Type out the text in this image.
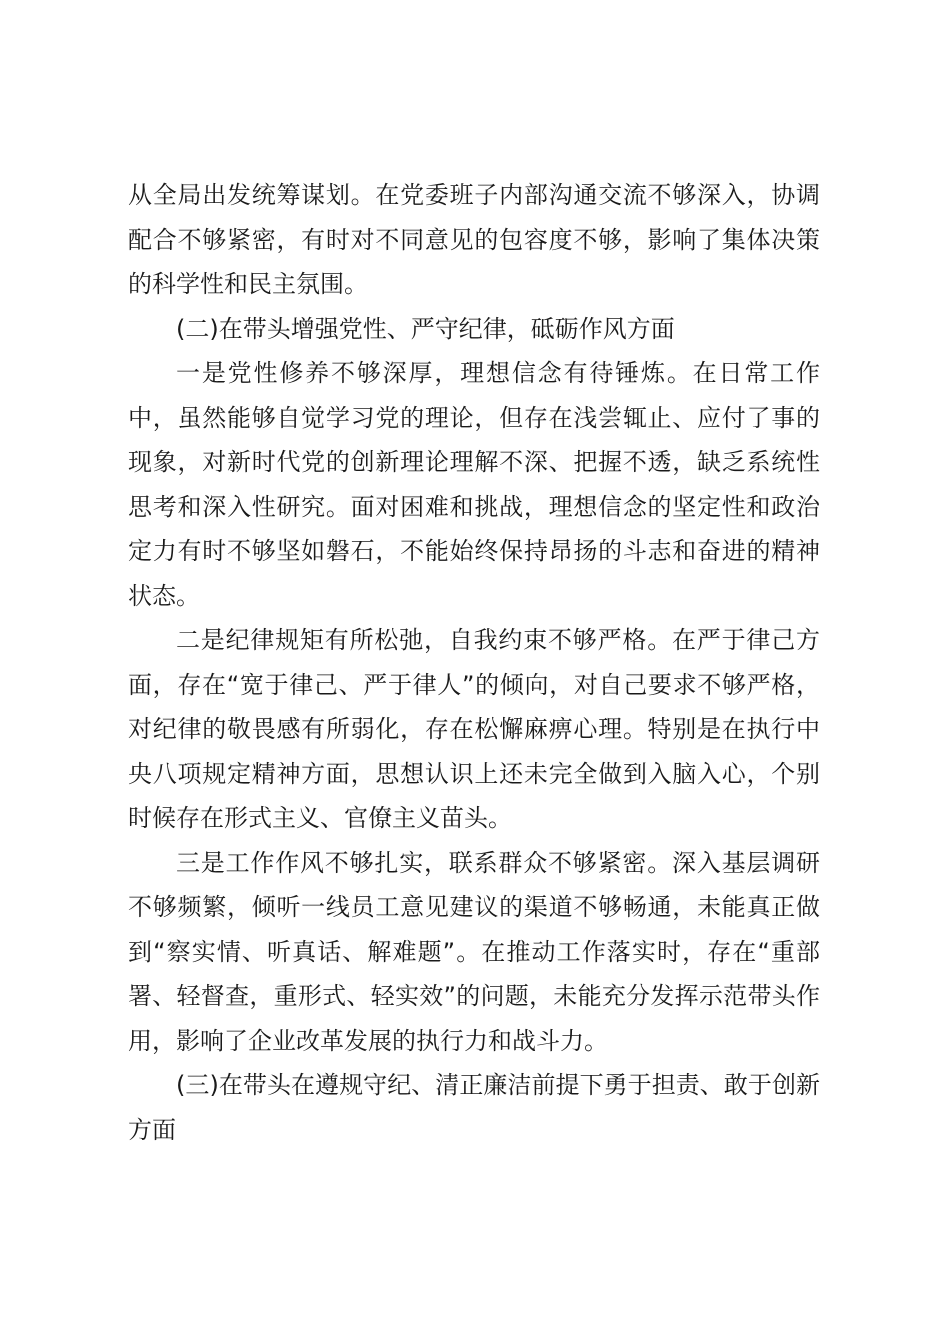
从全局出发统筹谋划。在党委班子内部沟通交流不够深入，协调配合不够紧密，有时对不同意见的包容度不够，影响了集体决策的科学性和民主氛围。

(二)在带头增强党性、严守纪律，砥砺作风方面

一是党性修养不够深厚，理想信念有待锤炼。在日常工作中，虽然能够自觉学习党的理论，但存在浅尝辄止、应付了事的现象，对新时代党的创新理论理解不深、把握不透，缺乏系统性思考和深入性研究。面对困难和挑战，理想信念的坚定性和政治定力有时不够坚如磐石，不能始终保持昂扬的斗志和奋进的精神状态。

二是纪律规矩有所松弛，自我约束不够严格。在严于律己方面，存在“宽于律己、严于律人”的倾向，对自己要求不够严格，对纪律的敬畏感有所弱化，存在松懈麻痹心理。特别是在执行中央八项规定精神方面，思想认识上还未完全做到入脑入心，个别时候存在形式主义、官僚主义苗头。

三是工作作风不够扎实，联系群众不够紧密。深入基层调研不够频繁，倾听一线员工意见建议的渠道不够畅通，未能真正做到“察实情、听真话、解难题”。在推动工作落实时，存在“重部署、轻督查，重形式、轻实效”的问题，未能充分发挥示范带头作用，影响了企业改革发展的执行力和战斗力。

(三)在带头在遵规守纪、清正廉洁前提下勇于担责、敢于创新方面
